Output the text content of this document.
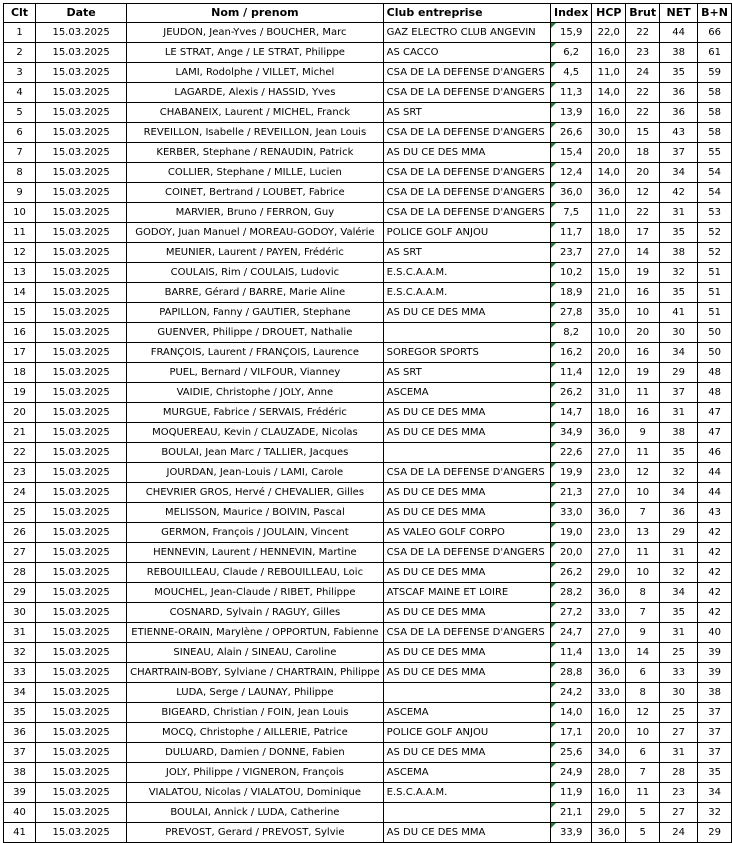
Clt	Date	Nom / prenom	Club entreprise	Index	HCP	Brut	NET	B+N
1	15.03.2025	JEUDON, Jean-Yves / BOUCHER, Marc	GAZ ELECTRO CLUB ANGEVIN	15,9	22,0	22	44	66
2	15.03.2025	LE STRAT, Ange / LE STRAT, Philippe	AS CACCO	6,2	16,0	23	38	61
3	15.03.2025	LAMI, Rodolphe / VILLET, Michel	CSA DE LA DEFENSE D'ANGERS	4,5	11,0	24	35	59
4	15.03.2025	LAGARDE, Alexis / HASSID, Yves	CSA DE LA DEFENSE D'ANGERS	11,3	14,0	22	36	58
5	15.03.2025	CHABANEIX, Laurent / MICHEL, Franck	AS SRT	13,9	16,0	22	36	58
6	15.03.2025	REVEILLON, Isabelle / REVEILLON, Jean Louis	CSA DE LA DEFENSE D'ANGERS	26,6	30,0	15	43	58
7	15.03.2025	KERBER, Stephane / RENAUDIN, Patrick	AS DU CE DES MMA	15,4	20,0	18	37	55
8	15.03.2025	COLLIER, Stephane / MILLE, Lucien	CSA DE LA DEFENSE D'ANGERS	12,4	14,0	20	34	54
9	15.03.2025	COINET, Bertrand / LOUBET, Fabrice	CSA DE LA DEFENSE D'ANGERS	36,0	36,0	12	42	54
10	15.03.2025	MARVIER, Bruno / FERRON, Guy	CSA DE LA DEFENSE D'ANGERS	7,5	11,0	22	31	53
11	15.03.2025	GODOY, Juan Manuel / MOREAU-GODOY, Valérie	POLICE GOLF ANJOU	11,7	18,0	17	35	52
12	15.03.2025	MEUNIER, Laurent / PAYEN, Frédéric	AS SRT	23,7	27,0	14	38	52
13	15.03.2025	COULAIS, Rim / COULAIS, Ludovic	E.S.C.A.A.M.	10,2	15,0	19	32	51
14	15.03.2025	BARRE, Gérard / BARRE, Marie Aline	E.S.C.A.A.M.	18,9	21,0	16	35	51
15	15.03.2025	PAPILLON, Fanny / GAUTIER, Stephane	AS DU CE DES MMA	27,8	35,0	10	41	51
16	15.03.2025	GUENVER, Philippe / DROUET, Nathalie		8,2	10,0	20	30	50
17	15.03.2025	FRANÇOIS, Laurent / FRANÇOIS, Laurence	SOREGOR SPORTS	16,2	20,0	16	34	50
18	15.03.2025	PUEL, Bernard / VILFOUR, Vianney	AS SRT	11,4	12,0	19	29	48
19	15.03.2025	VAIDIE, Christophe / JOLY, Anne	ASCEMA	26,2	31,0	11	37	48
20	15.03.2025	MURGUE, Fabrice / SERVAIS, Frédéric	AS DU CE DES MMA	14,7	18,0	16	31	47
21	15.03.2025	MOQUEREAU, Kevin / CLAUZADE, Nicolas	AS DU CE DES MMA	34,9	36,0	9	38	47
22	15.03.2025	BOULAI, Jean Marc / TALLIER, Jacques		22,6	27,0	11	35	46
23	15.03.2025	JOURDAN, Jean-Louis / LAMI, Carole	CSA DE LA DEFENSE D'ANGERS	19,9	23,0	12	32	44
24	15.03.2025	CHEVRIER GROS, Hervé / CHEVALIER, Gilles	AS DU CE DES MMA	21,3	27,0	10	34	44
25	15.03.2025	MELISSON, Maurice / BOIVIN, Pascal	AS DU CE DES MMA	33,0	36,0	7	36	43
26	15.03.2025	GERMON, François / JOULAIN, Vincent	AS VALEO GOLF CORPO	19,0	23,0	13	29	42
27	15.03.2025	HENNEVIN, Laurent / HENNEVIN, Martine	CSA DE LA DEFENSE D'ANGERS	20,0	27,0	11	31	42
28	15.03.2025	REBOUILLEAU, Claude / REBOUILLEAU, Loic	AS DU CE DES MMA	26,2	29,0	10	32	42
29	15.03.2025	MOUCHEL, Jean-Claude / RIBET, Philippe	ATSCAF MAINE ET LOIRE	28,2	36,0	8	34	42
30	15.03.2025	COSNARD, Sylvain / RAGUY, Gilles	AS DU CE DES MMA	27,2	33,0	7	35	42
31	15.03.2025	ETIENNE-ORAIN, Marylène / OPPORTUN, Fabienne	CSA DE LA DEFENSE D'ANGERS	24,7	27,0	9	31	40
32	15.03.2025	SINEAU, Alain / SINEAU, Caroline	AS DU CE DES MMA	11,4	13,0	14	25	39
33	15.03.2025	CHARTRAIN-BOBY, Sylviane / CHARTRAIN, Philippe	AS DU CE DES MMA	28,8	36,0	6	33	39
34	15.03.2025	LUDA, Serge / LAUNAY, Philippe		24,2	33,0	8	30	38
35	15.03.2025	BIGEARD, Christian / FOIN, Jean Louis	ASCEMA	14,0	16,0	12	25	37
36	15.03.2025	MOCQ, Christophe / AILLERIE, Patrice	POLICE GOLF ANJOU	17,1	20,0	10	27	37
37	15.03.2025	DULUARD, Damien / DONNE, Fabien	AS DU CE DES MMA	25,6	34,0	6	31	37
38	15.03.2025	JOLY, Philippe / VIGNERON, François	ASCEMA	24,9	28,0	7	28	35
39	15.03.2025	VIALATOU, Nicolas / VIALATOU, Dominique	E.S.C.A.A.M.	11,9	16,0	11	23	34
40	15.03.2025	BOULAI, Annick / LUDA, Catherine		21,1	29,0	5	27	32
41	15.03.2025	PREVOST, Gerard / PREVOST, Sylvie	AS DU CE DES MMA	33,9	36,0	5	24	29
